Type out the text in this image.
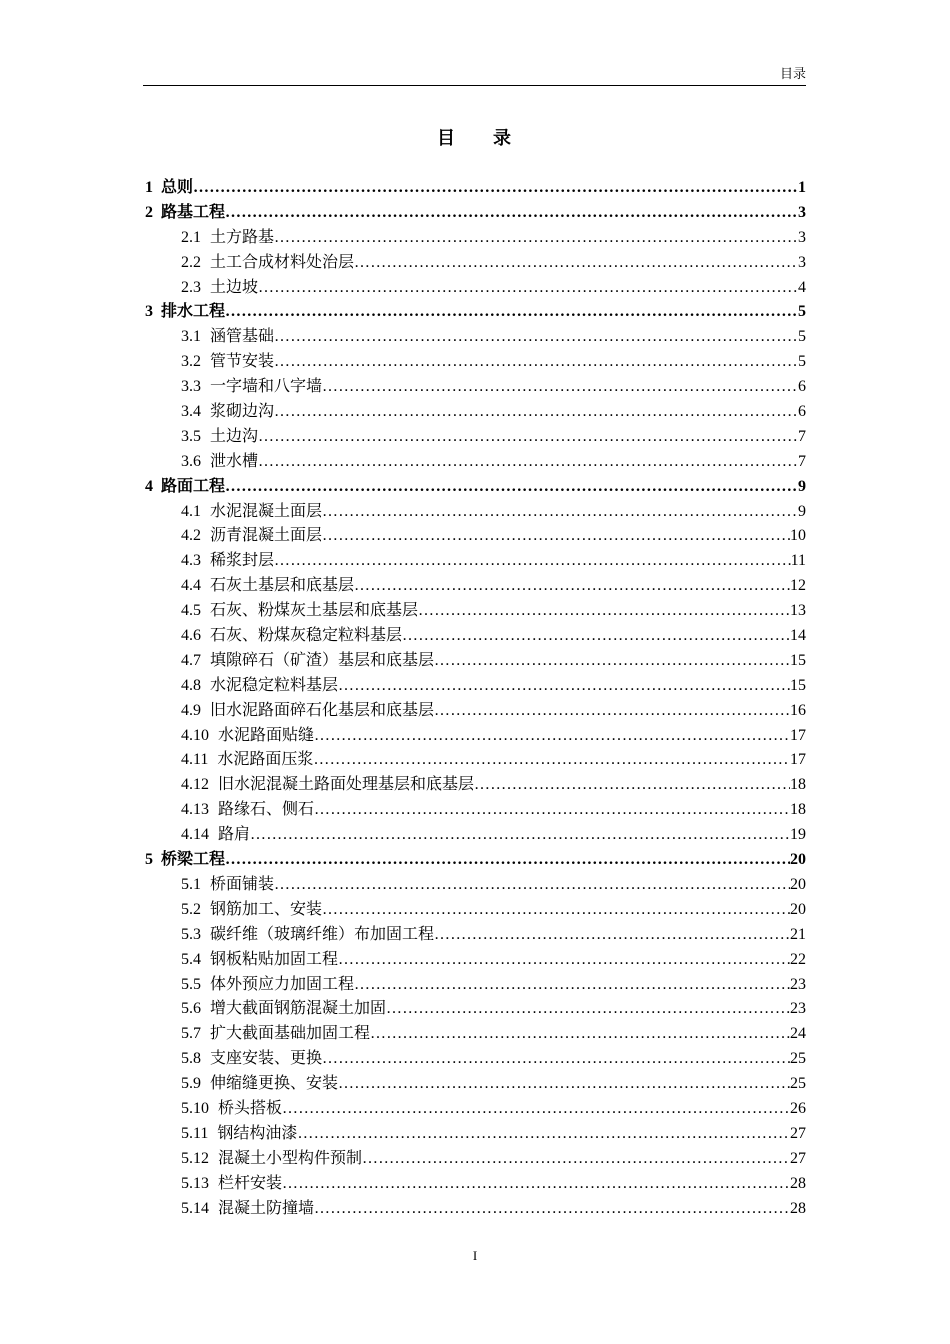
目录
目 录
1 总则 ……………………………………………………………………………………………………………………………………………………………………………………………	1
2 路基工程 ……………………………………………………………………………………………………………………………………………………………………………………………	3
2.1 土方路基 ……………………………………………………………………………………………………………………………………………………………………………………………	3
2.2 土工合成材料处治层 ……………………………………………………………………………………………………………………………………………………………………………………………	3
2.3 土边坡 ……………………………………………………………………………………………………………………………………………………………………………………………	4
3 排水工程 ……………………………………………………………………………………………………………………………………………………………………………………………	5
3.1 涵管基础 ……………………………………………………………………………………………………………………………………………………………………………………………	5
3.2 管节安装 ……………………………………………………………………………………………………………………………………………………………………………………………	5
3.3 一字墙和八字墙 ……………………………………………………………………………………………………………………………………………………………………………………………	6
3.4 浆砌边沟 ……………………………………………………………………………………………………………………………………………………………………………………………	6
3.5 土边沟 ……………………………………………………………………………………………………………………………………………………………………………………………	7
3.6 泄水槽 ……………………………………………………………………………………………………………………………………………………………………………………………	7
4 路面工程 ……………………………………………………………………………………………………………………………………………………………………………………………	9
4.1 水泥混凝土面层 ……………………………………………………………………………………………………………………………………………………………………………………………	9
4.2 沥青混凝土面层 ……………………………………………………………………………………………………………………………………………………………………………………………	10
4.3 稀浆封层 ……………………………………………………………………………………………………………………………………………………………………………………………	11
4.4 石灰土基层和底基层 ……………………………………………………………………………………………………………………………………………………………………………………………	12
4.5 石灰、粉煤灰土基层和底基层 ……………………………………………………………………………………………………………………………………………………………………………………………	13
4.6 石灰、粉煤灰稳定粒料基层 ……………………………………………………………………………………………………………………………………………………………………………………………	14
4.7 填隙碎石（矿渣）基层和底基层 ……………………………………………………………………………………………………………………………………………………………………………………………	15
4.8 水泥稳定粒料基层 ……………………………………………………………………………………………………………………………………………………………………………………………	15
4.9 旧水泥路面碎石化基层和底基层 ……………………………………………………………………………………………………………………………………………………………………………………………	16
4.10 水泥路面贴缝 ……………………………………………………………………………………………………………………………………………………………………………………………	17
4.11 水泥路面压浆 ……………………………………………………………………………………………………………………………………………………………………………………………	17
4.12 旧水泥混凝土路面处理基层和底基层 ……………………………………………………………………………………………………………………………………………………………………………………………	18
4.13 路缘石、侧石 ……………………………………………………………………………………………………………………………………………………………………………………………	18
4.14 路肩 ……………………………………………………………………………………………………………………………………………………………………………………………	19
5 桥梁工程 ……………………………………………………………………………………………………………………………………………………………………………………………	20
5.1 桥面铺装 ……………………………………………………………………………………………………………………………………………………………………………………………	20
5.2 钢筋加工、安装 ……………………………………………………………………………………………………………………………………………………………………………………………	20
5.3 碳纤维（玻璃纤维）布加固工程 ……………………………………………………………………………………………………………………………………………………………………………………………	21
5.4 钢板粘贴加固工程 ……………………………………………………………………………………………………………………………………………………………………………………………	22
5.5 体外预应力加固工程 ……………………………………………………………………………………………………………………………………………………………………………………………	23
5.6 增大截面钢筋混凝土加固 ……………………………………………………………………………………………………………………………………………………………………………………………	23
5.7 扩大截面基础加固工程 ……………………………………………………………………………………………………………………………………………………………………………………………	24
5.8 支座安装、更换 ……………………………………………………………………………………………………………………………………………………………………………………………	25
5.9 伸缩缝更换、安装 ……………………………………………………………………………………………………………………………………………………………………………………………	25
5.10 桥头搭板 ……………………………………………………………………………………………………………………………………………………………………………………………	26
5.11 钢结构油漆 ……………………………………………………………………………………………………………………………………………………………………………………………	27
5.12 混凝土小型构件预制 ……………………………………………………………………………………………………………………………………………………………………………………………	27
5.13 栏杆安装 ……………………………………………………………………………………………………………………………………………………………………………………………	28
5.14 混凝土防撞墙 ……………………………………………………………………………………………………………………………………………………………………………………………	28
I
